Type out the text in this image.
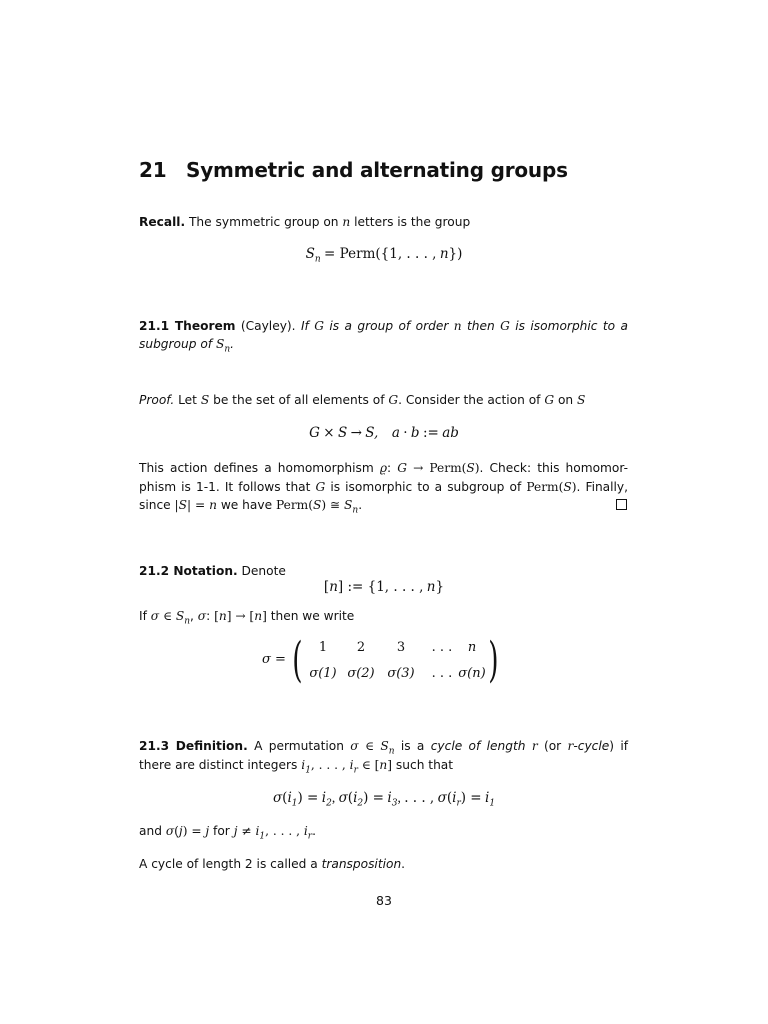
21 Symmetric and alternating groups
Recall. The symmetric group on n letters is the group
$S_n$ = Perm({1, . . . , n})
21.1 Theorem (Cayley). If G is a group of order n then G is isomorphic to a
subgroup of $S_n$.
Proof. Let S be the set of all elements of G. Consider the action of G on S
G × S → S, a · b := ab
This action defines a homomorphism ϱ: G → Perm(S). Check: this homomor-
phism is 1-1. It follows that G is isomorphic to a subgroup of Perm(S). Finally,
since |S| = n we have Perm(S) ≅ $S_n$.
21.2 Notation. Denote
[n] := {1, . . . , n}
If σ ∈ $S_n$, σ: [n] → [n] then we write
σ = (	1	2	3	. . .	n
σ(1) σ(2) σ(3)	. . . σ(n) )
21.3 Definition. A permutation σ ∈ $S_n$ is a cycle of length r (or r-cycle) if
there are distinct integers $i_1$, . . . , $i_r$ ∈ [n] such that
$\sigma(i_1) = i_2$, $\sigma(i_2) = i_3$, . . . , $\sigma(i_r) = i_1$
and σ(j) = j for $j \ne i_1$, . . . , $i_r$.
A cycle of length 2 is called a transposition.
83
